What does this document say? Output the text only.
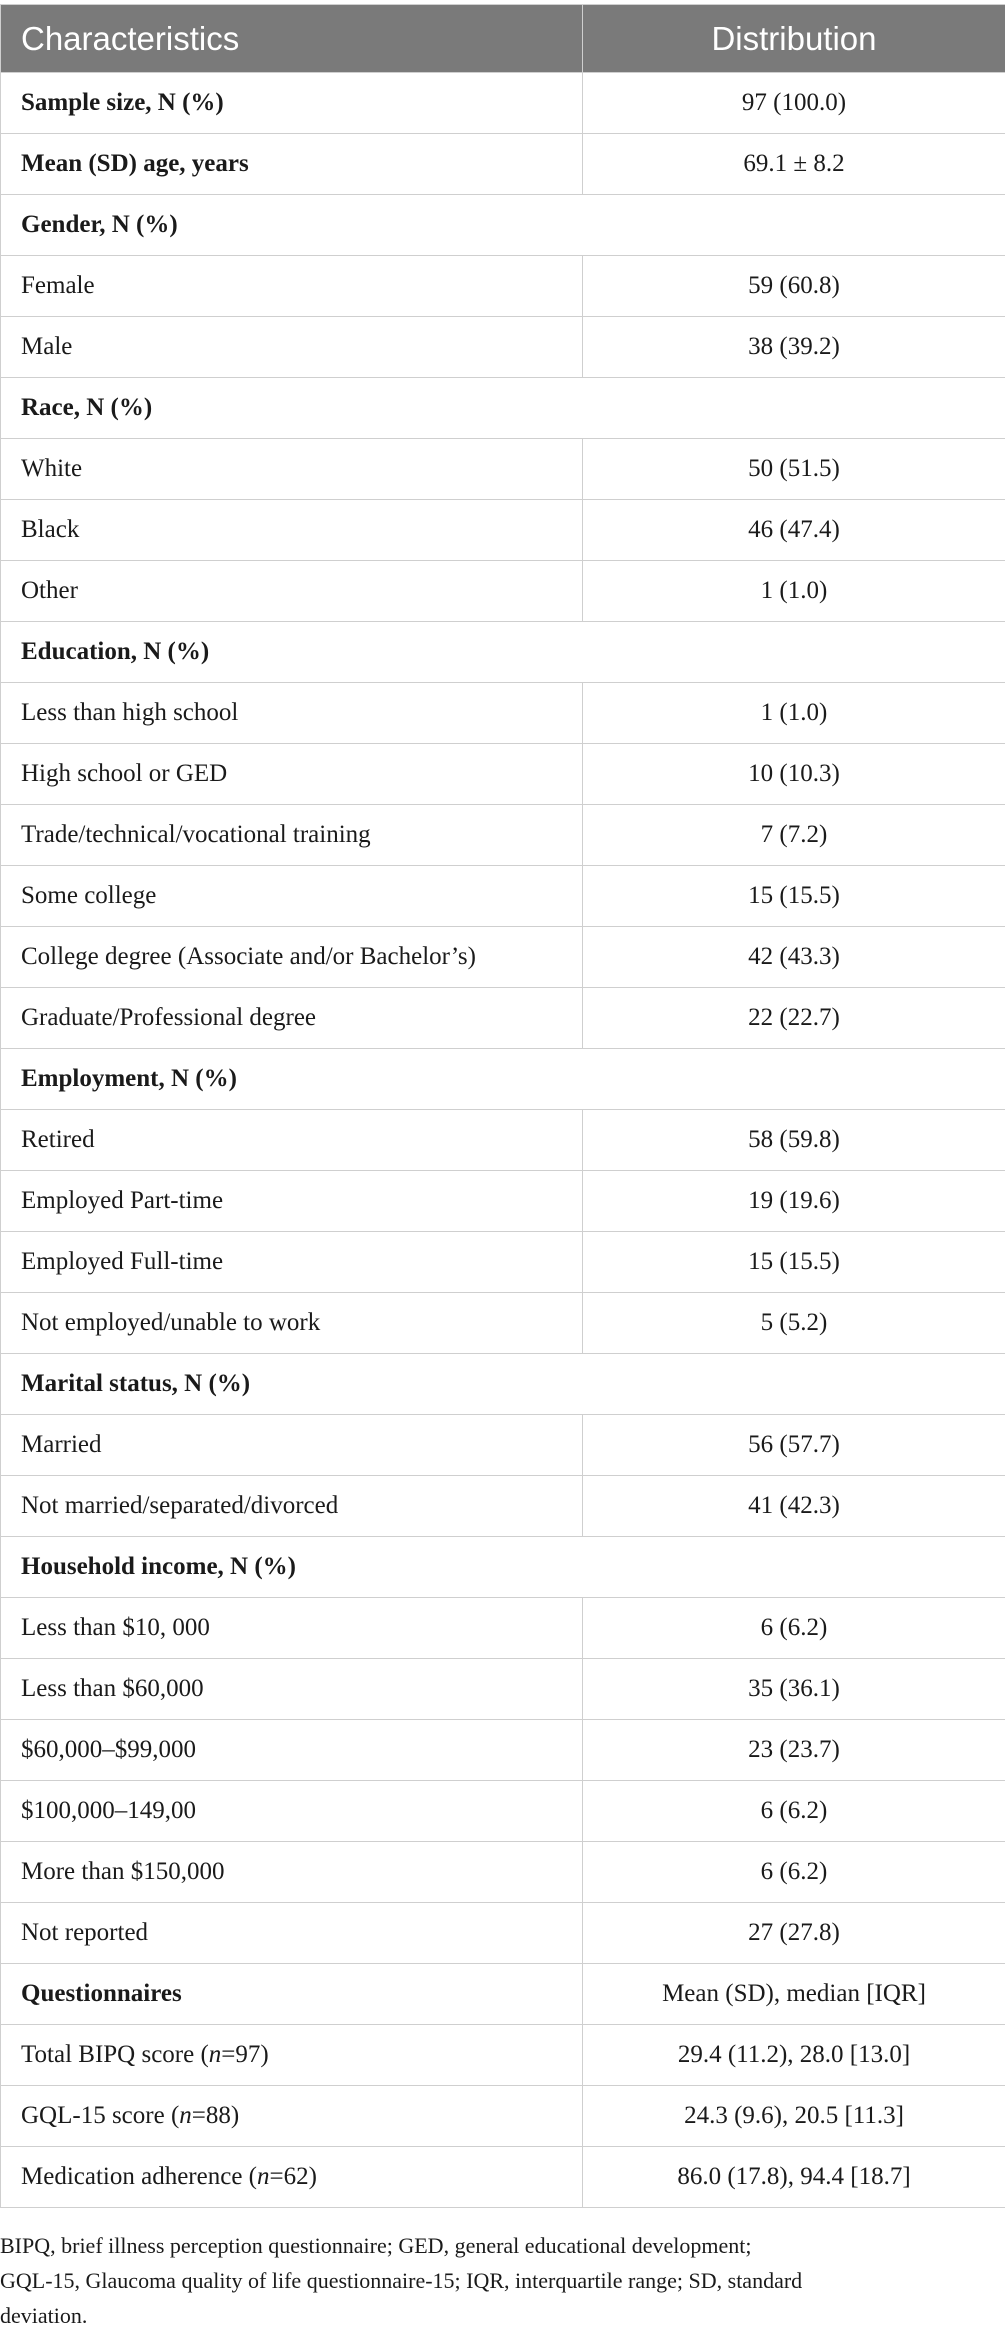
Characteristics	Distribution
Sample size, N (%)	97 (100.0)
Mean (SD) age, years	69.1 ± 8.2
Gender, N (%)	
Female	59 (60.8)
Male	38 (39.2)
Race, N (%)	
White	50 (51.5)
Black	46 (47.4)
Other	1 (1.0)
Education, N (%)	
Less than high school	1 (1.0)
High school or GED	10 (10.3)
Trade/technical/vocational training	7 (7.2)
Some college	15 (15.5)
College degree (Associate and/or Bachelor’s)	42 (43.3)
Graduate/Professional degree	22 (22.7)
Employment, N (%)	
Retired	58 (59.8)
Employed Part-time	19 (19.6)
Employed Full-time	15 (15.5)
Not employed/unable to work	5 (5.2)
Marital status, N (%)	
Married	56 (57.7)
Not married/separated/divorced	41 (42.3)
Household income, N (%)	
Less than $10, 000	6 (6.2)
Less than $60,000	35 (36.1)
$60,000–$99,000	23 (23.7)
$100,000–149,00	6 (6.2)
More than $150,000	6 (6.2)
Not reported	27 (27.8)
Questionnaires	Mean (SD), median [IQR]
Total BIPQ score (n=97)	29.4 (11.2), 28.0 [13.0]
GQL-15 score (n=88)	24.3 (9.6), 20.5 [11.3]
Medication adherence (n=62)	86.0 (17.8), 94.4 [18.7]
BIPQ, brief illness perception questionnaire; GED, general educational development;
GQL-15, Glaucoma quality of life questionnaire-15; IQR, interquartile range; SD, standard
deviation.
